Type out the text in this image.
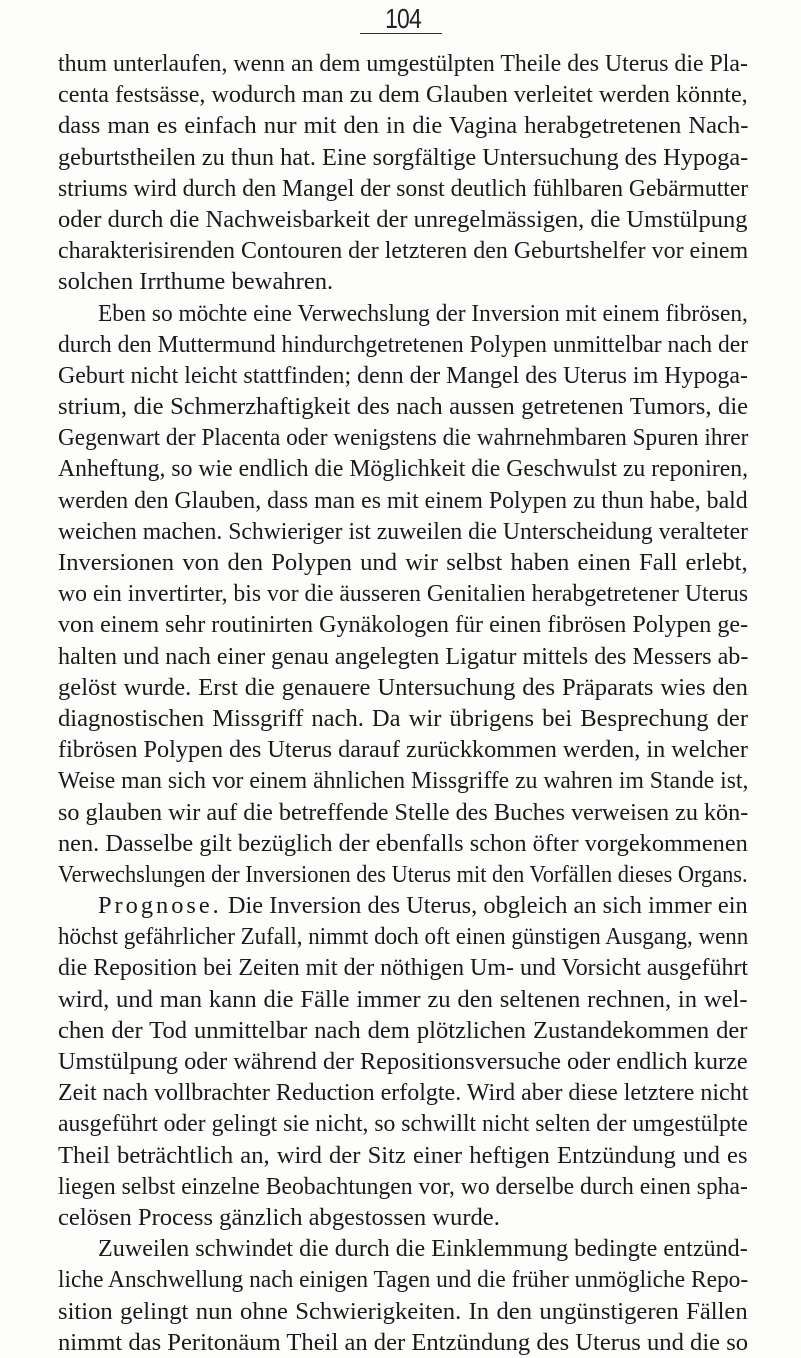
104
thum unterlaufen, wenn an dem umgestülpten Theile des Uterus die Pla-
centa festsässe, wodurch man zu dem Glauben verleitet werden könnte,
dass man es einfach nur mit den in die Vagina herabgetretenen Nach-
geburtstheilen zu thun hat. Eine sorgfältige Untersuchung des Hypoga-
striums wird durch den Mangel der sonst deutlich fühlbaren Gebärmutter
oder durch die Nachweisbarkeit der unregelmässigen, die Umstülpung
charakterisirenden Contouren der letzteren den Geburtshelfer vor einem
solchen Irrthume bewahren.
Eben so möchte eine Verwechslung der Inversion mit einem fibrösen,
durch den Muttermund hindurchgetretenen Polypen unmittelbar nach der
Geburt nicht leicht stattfinden; denn der Mangel des Uterus im Hypoga-
strium, die Schmerzhaftigkeit des nach aussen getretenen Tumors, die
Gegenwart der Placenta oder wenigstens die wahrnehmbaren Spuren ihrer
Anheftung, so wie endlich die Möglichkeit die Geschwulst zu reponiren,
werden den Glauben, dass man es mit einem Polypen zu thun habe, bald
weichen machen. Schwieriger ist zuweilen die Unterscheidung veralteter
Inversionen von den Polypen und wir selbst haben einen Fall erlebt,
wo ein invertirter, bis vor die äusseren Genitalien herabgetretener Uterus
von einem sehr routinirten Gynäkologen für einen fibrösen Polypen ge-
halten und nach einer genau angelegten Ligatur mittels des Messers ab-
gelöst wurde. Erst die genauere Untersuchung des Präparats wies den
diagnostischen Missgriff nach. Da wir übrigens bei Besprechung der
fibrösen Polypen des Uterus darauf zurückkommen werden, in welcher
Weise man sich vor einem ähnlichen Missgriffe zu wahren im Stande ist,
so glauben wir auf die betreffende Stelle des Buches verweisen zu kön-
nen. Dasselbe gilt bezüglich der ebenfalls schon öfter vorgekommenen
Verwechslungen der Inversionen des Uterus mit den Vorfällen dieses Organs.
Prognose. Die Inversion des Uterus, obgleich an sich immer ein
höchst gefährlicher Zufall, nimmt doch oft einen günstigen Ausgang, wenn
die Reposition bei Zeiten mit der nöthigen Um- und Vorsicht ausgeführt
wird, und man kann die Fälle immer zu den seltenen rechnen, in wel-
chen der Tod unmittelbar nach dem plötzlichen Zustandekommen der
Umstülpung oder während der Repositionsversuche oder endlich kurze
Zeit nach vollbrachter Reduction erfolgte. Wird aber diese letztere nicht
ausgeführt oder gelingt sie nicht, so schwillt nicht selten der umgestülpte
Theil beträchtlich an, wird der Sitz einer heftigen Entzündung und es
liegen selbst einzelne Beobachtungen vor, wo derselbe durch einen spha-
celösen Process gänzlich abgestossen wurde.
Zuweilen schwindet die durch die Einklemmung bedingte entzünd-
liche Anschwellung nach einigen Tagen und die früher unmögliche Repo-
sition gelingt nun ohne Schwierigkeiten. In den ungünstigeren Fällen
nimmt das Peritonäum Theil an der Entzündung des Uterus und die so
